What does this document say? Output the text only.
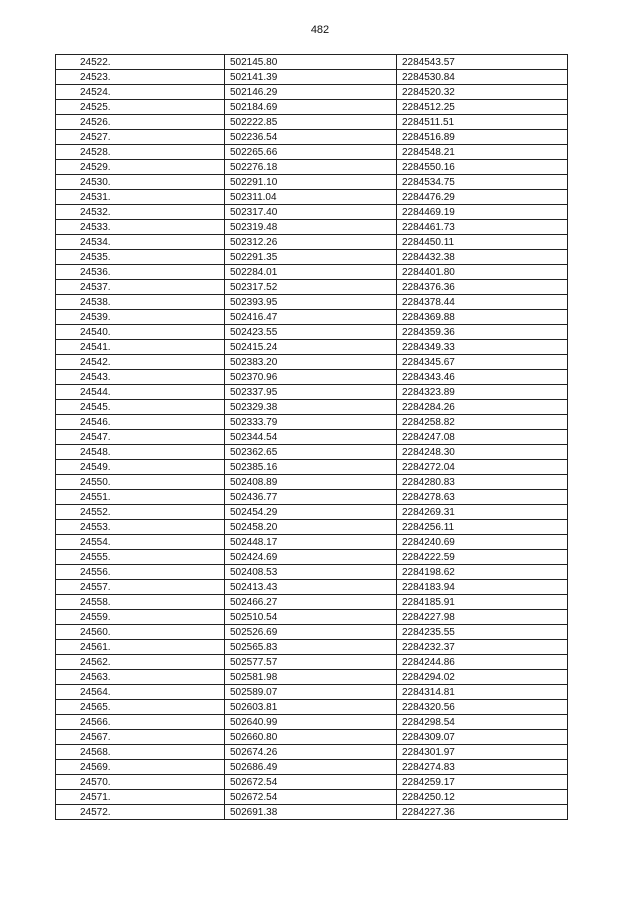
482
24522.	502145.80	2284543.57
24523.	502141.39	2284530.84
24524.	502146.29	2284520.32
24525.	502184.69	2284512.25
24526.	502222.85	2284511.51
24527.	502236.54	2284516.89
24528.	502265.66	2284548.21
24529.	502276.18	2284550.16
24530.	502291.10	2284534.75
24531.	502311.04	2284476.29
24532.	502317.40	2284469.19
24533.	502319.48	2284461.73
24534.	502312.26	2284450.11
24535.	502291.35	2284432.38
24536.	502284.01	2284401.80
24537.	502317.52	2284376.36
24538.	502393.95	2284378.44
24539.	502416.47	2284369.88
24540.	502423.55	2284359.36
24541.	502415.24	2284349.33
24542.	502383.20	2284345.67
24543.	502370.96	2284343.46
24544.	502337.95	2284323.89
24545.	502329.38	2284284.26
24546.	502333.79	2284258.82
24547.	502344.54	2284247.08
24548.	502362.65	2284248.30
24549.	502385.16	2284272.04
24550.	502408.89	2284280.83
24551.	502436.77	2284278.63
24552.	502454.29	2284269.31
24553.	502458.20	2284256.11
24554.	502448.17	2284240.69
24555.	502424.69	2284222.59
24556.	502408.53	2284198.62
24557.	502413.43	2284183.94
24558.	502466.27	2284185.91
24559.	502510.54	2284227.98
24560.	502526.69	2284235.55
24561.	502565.83	2284232.37
24562.	502577.57	2284244.86
24563.	502581.98	2284294.02
24564.	502589.07	2284314.81
24565.	502603.81	2284320.56
24566.	502640.99	2284298.54
24567.	502660.80	2284309.07
24568.	502674.26	2284301.97
24569.	502686.49	2284274.83
24570.	502672.54	2284259.17
24571.	502672.54	2284250.12
24572.	502691.38	2284227.36
